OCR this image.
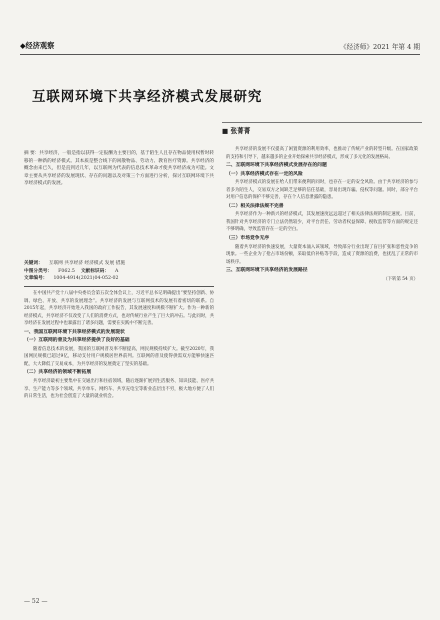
◆经济观察	《经济师》2021 年第 4 期
互联网环境下共享经济模式发展研究
■ 张菁菁
摘 要：共享经济，一般是指以获得一定报酬为主要目的，基于陌生人且存在物品使用权暂时转移的一种新的经济模式。其本质是整合线下的闲散物品、劳动力、教育医疗资源。共享经济的概念由来已久，但是直到近几年，以互联网为代表的信息技术革命才使共享经济成为可能。文章主要从共享经济的发展现状、存在的问题以及对策三个方面进行分析，探讨互联网环境下共享经济模式的发展。
关键词： 互联网 共享经济 经济模式 发展 措施
中图分类号： F062.5 文献标识码： A
文章编号： 1004-4914(2021)04-052-02

在中国共产党十八届中央委员会第五次全体会议上，习近平总书记明确提出“要坚持创新、协调、绿色、开放、共享的发展理念”。共享经济的发展与互联网技术的发展有着密切的联系。自2015年起，共享经济开始进入我国的政府工作报告，其发展速度和规模不断扩大。作为一种新的经济模式，共享经济不仅改变了人们的消费方式，也对传统行业产生了巨大的冲击。与此同时，共享经济在发展过程中也暴露出了诸多问题，需要在实践中不断完善。

一、我国互联网环境下共享经济模式的发展现状
（一）互联网的普及为共享经济提供了良好的基础

随着信息技术的发展，我国的互联网普及率不断提高，网民规模持续扩大。截至2020年，我国网民规模已超过9亿，移动支付用户规模居世界前列。互联网的普及使得供需双方能够快速匹配，大大降低了交易成本，为共享经济的发展奠定了坚实的基础。

（二）共享经济的领域不断拓展

共享经济最初主要集中在交通出行和住宿领域，随后逐渐扩展到生活服务、知识技能、医疗共享、生产能力等多个领域。共享单车、网约车、共享充电宝等新业态层出不穷，极大地方便了人们的日常生活，也为社会创造了大量的就业机会。

共享经济的发展不仅提高了闲置资源的利用效率，也推动了传统产业的转型升级。在国家政策的支持和引导下，越来越多的企业开始探索共享经济模式，形成了多元化的发展格局。

二、互联网环境下共享经济模式发展存在的问题
（一）共享经济模式存在一定的风险

共享经济模式的发展在给人们带来便利的同时，也存在一定的安全风险。由于共享经济的参与者多为陌生人，交易双方之间缺乏足够的信任基础，容易出现诈骗、侵权等问题。同时，部分平台对用户信息的保护不够完善，存在个人信息泄露的隐患。

（二）相关法律法规不完善

共享经济作为一种新兴的经济模式，其发展速度远远超过了相关法律法规的制定速度。目前，我国针对共享经济的专门立法仍然较少，对平台责任、劳动者权益保障、税收监管等方面的规定还不够明确，导致监管存在一定的空白。

（三）市场竞争无序

随着共享经济的快速发展，大量资本涌入该领域，导致部分行业出现了盲目扩张和恶性竞争的现象。一些企业为了抢占市场份额，采取低价补贴等手段，造成了资源的浪费，也扰乱了正常的市场秩序。

三、互联网环境下共享经济的发展路径

（下转第 54 页）

— 52 —
